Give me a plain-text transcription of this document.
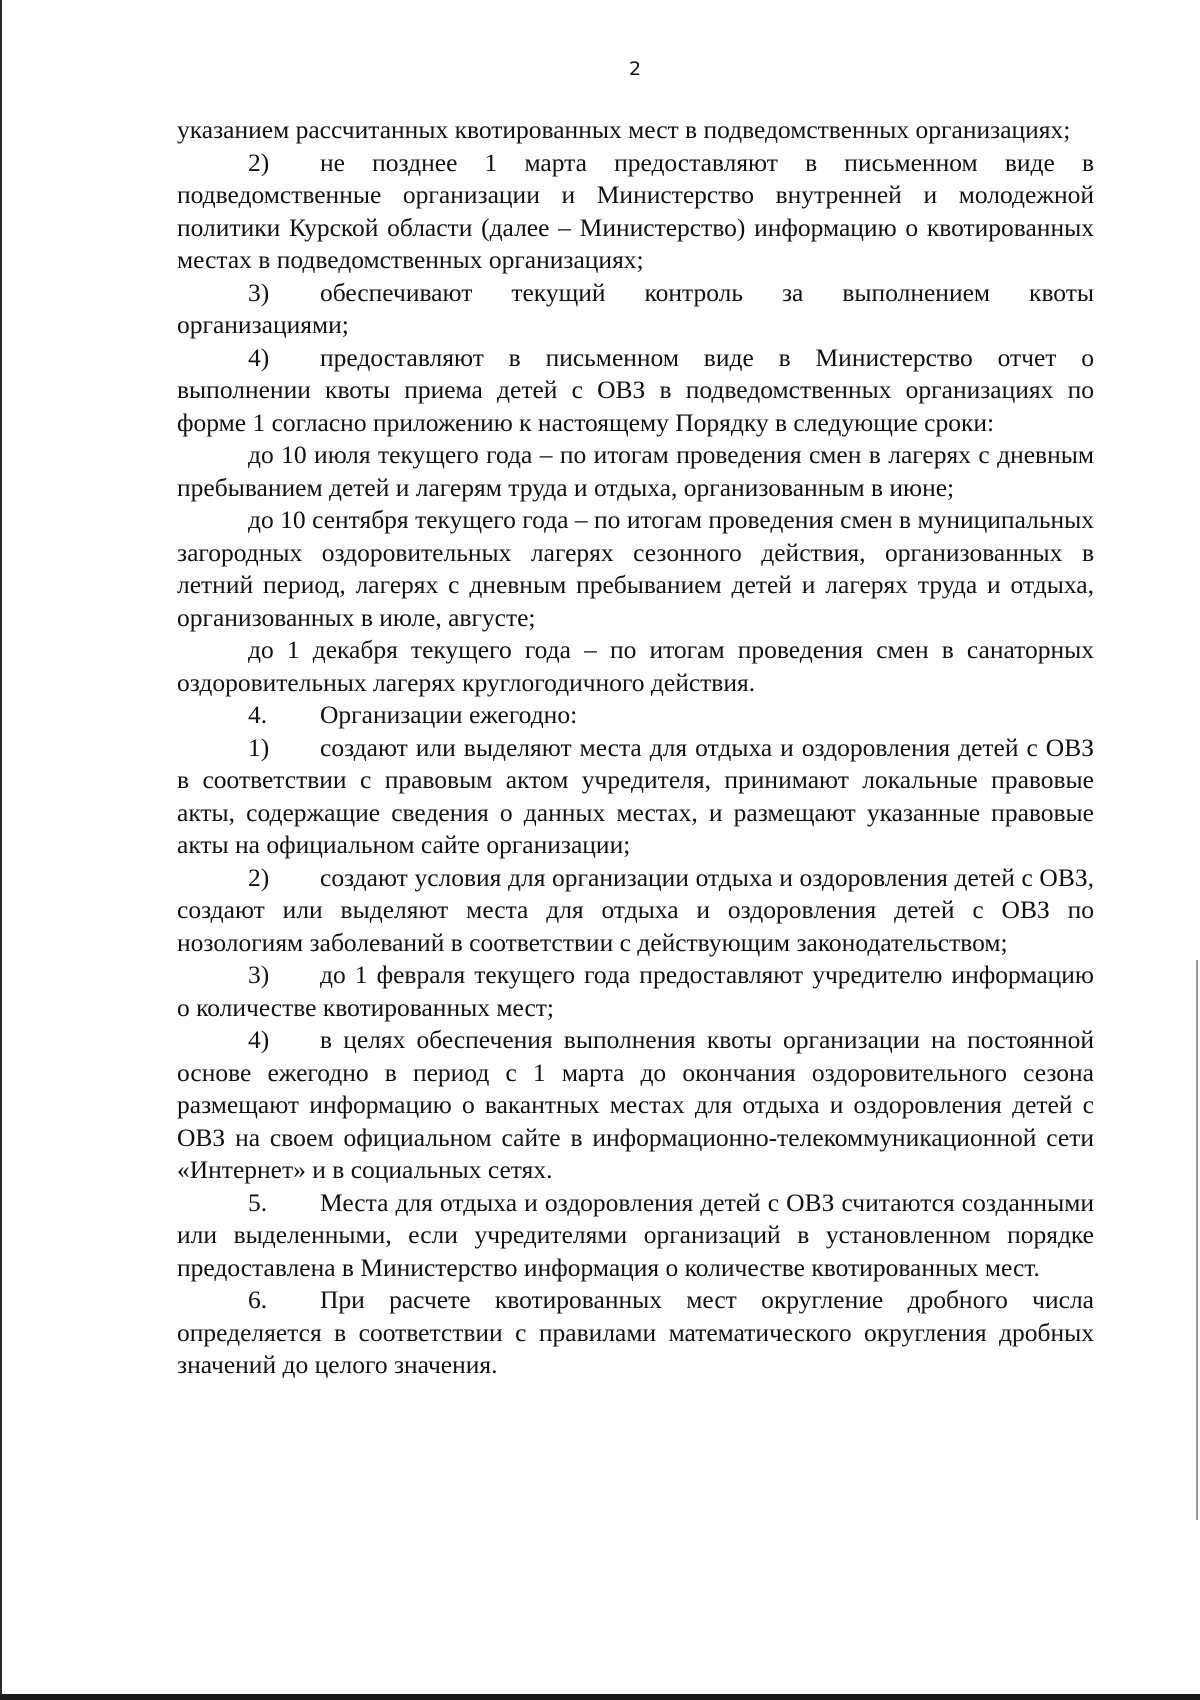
2

указанием рассчитанных квотированных мест в подведомственных организациях;

2) не позднее 1 марта предоставляют в письменном виде в подведомственные организации и Министерство внутренней и молодежной политики Курской области (далее – Министерство) информацию о квотированных местах в подведомственных организациях;

3) обеспечивают текущий контроль за выполнением квоты организациями;

4) предоставляют в письменном виде в Министерство отчет о выполнении квоты приема детей с ОВЗ в подведомственных организациях по форме 1 согласно приложению к настоящему Порядку в следующие сроки:

до 10 июля текущего года – по итогам проведения смен в лагерях с дневным пребыванием детей и лагерям труда и отдыха, организованным в июне;

до 10 сентября текущего года – по итогам проведения смен в муниципальных загородных оздоровительных лагерях сезонного действия, организованных в летний период, лагерях с дневным пребыванием детей и лагерях труда и отдыха, организованных в июле, августе;

до 1 декабря текущего года – по итогам проведения смен в санаторных оздоровительных лагерях круглогодичного действия.

4. Организации ежегодно:

1) создают или выделяют места для отдыха и оздоровления детей с ОВЗ в соответствии с правовым актом учредителя, принимают локальные правовые акты, содержащие сведения о данных местах, и размещают указанные правовые акты на официальном сайте организации;

2) создают условия для организации отдыха и оздоровления детей с ОВЗ, создают или выделяют места для отдыха и оздоровления детей с ОВЗ по нозологиям заболеваний в соответствии с действующим законодательством;

3) до 1 февраля текущего года предоставляют учредителю информацию о количестве квотированных мест;

4) в целях обеспечения выполнения квоты организации на постоянной основе ежегодно в период с 1 марта до окончания оздоровительного сезона размещают информацию о вакантных местах для отдыха и оздоровления детей с ОВЗ на своем официальном сайте в информационно-телекоммуникационной сети «Интернет» и в социальных сетях.

5. Места для отдыха и оздоровления детей с ОВЗ считаются созданными или выделенными, если учредителями организаций в установленном порядке предоставлена в Министерство информация о количестве квотированных мест.

6. При расчете квотированных мест округление дробного числа определяется в соответствии с правилами математического округления дробных значений до целого значения.
